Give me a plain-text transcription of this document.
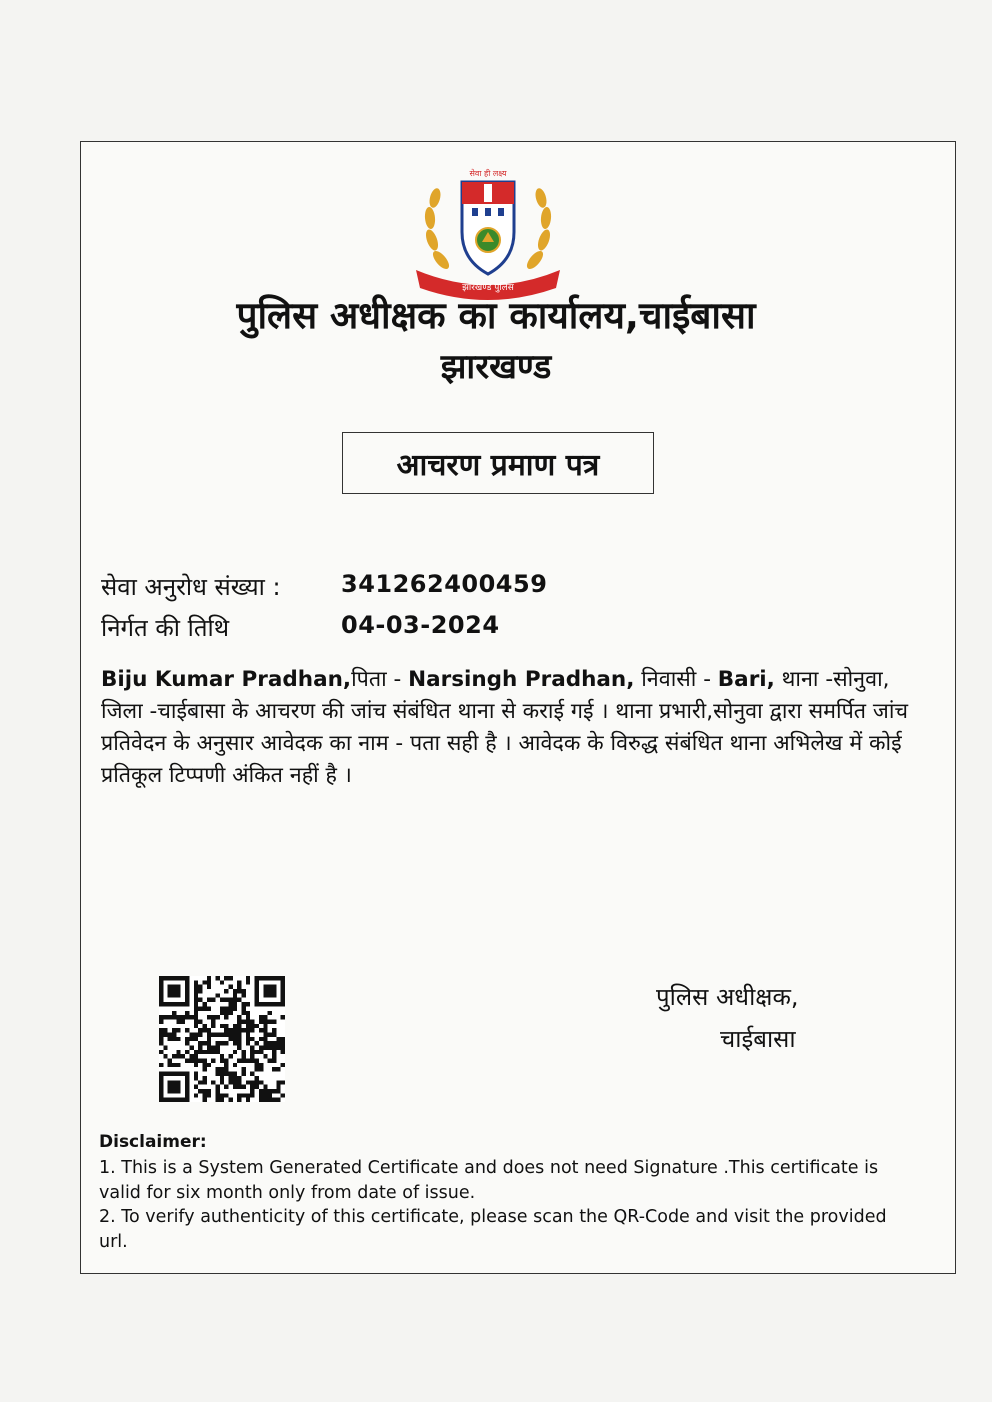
सेवा ही लक्ष्य
झारखण्ड पुलिस
पुलिस अधीक्षक का कार्यालय,चाईबासा
झारखण्ड
आचरण प्रमाण पत्र
सेवा अनुरोध संख्या :	341262400459
निर्गत की तिथि	04-03-2024
Biju Kumar Pradhan,पिता - Narsingh Pradhan, निवासी - Bari, थाना -सोनुवा, जिला -चाईबासा के आचरण की जांच संबंधित थाना से कराई गई । थाना प्रभारी,सोनुवा द्वारा समर्पित जांच प्रतिवेदन के अनुसार आवेदक का नाम - पता सही है । आवेदक के विरुद्ध संबंधित थाना अभिलेख में कोई प्रतिकूल टिप्पणी अंकित नहीं है ।
पुलिस अधीक्षक,
चाईबासा
Disclaimer:

1. This is a System Generated Certificate and does not need Signature .This certificate is valid for six month only from date of issue.

2. To verify authenticity of this certificate, please scan the QR-Code and visit the provided url.
